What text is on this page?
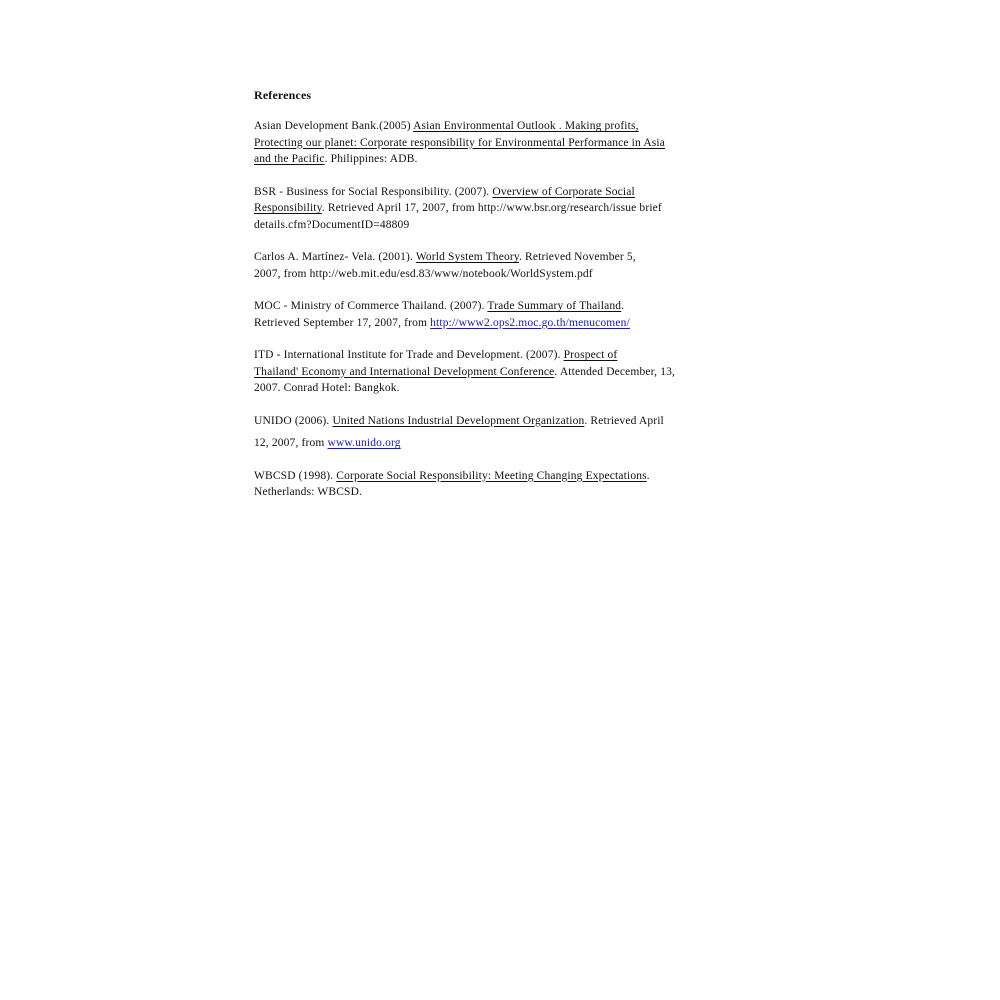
References
Asian Development Bank.(2005) Asian Environmental Outlook . Making profits,
Protecting our planet: Corporate responsibility for Environmental Performance in Asia
and the Pacific. Philippines: ADB.
BSR - Business for Social Responsibility. (2007). Overview of Corporate Social
Responsibility. Retrieved April 17, 2007, from http://www.bsr.org/research/issue brief
details.cfm?DocumentID=48809
Carlos A. Martínez- Vela. (2001). World System Theory. Retrieved November 5,
2007, from http://web.mit.edu/esd.83/www/notebook/WorldSystem.pdf
MOC - Ministry of Commerce Thailand. (2007). Trade Summary of Thailand.
Retrieved September 17, 2007, from http://www2.ops2.moc.go.th/menucomen/
ITD - International Institute for Trade and Development. (2007). Prospect of
Thailand' Economy and International Development Conference. Attended December, 13,
2007. Conrad Hotel: Bangkok.
UNIDO (2006). United Nations Industrial Development Organization. Retrieved April
12, 2007, from www.unido.org
WBCSD (1998). Corporate Social Responsibility: Meeting Changing Expectations.
Netherlands: WBCSD.
